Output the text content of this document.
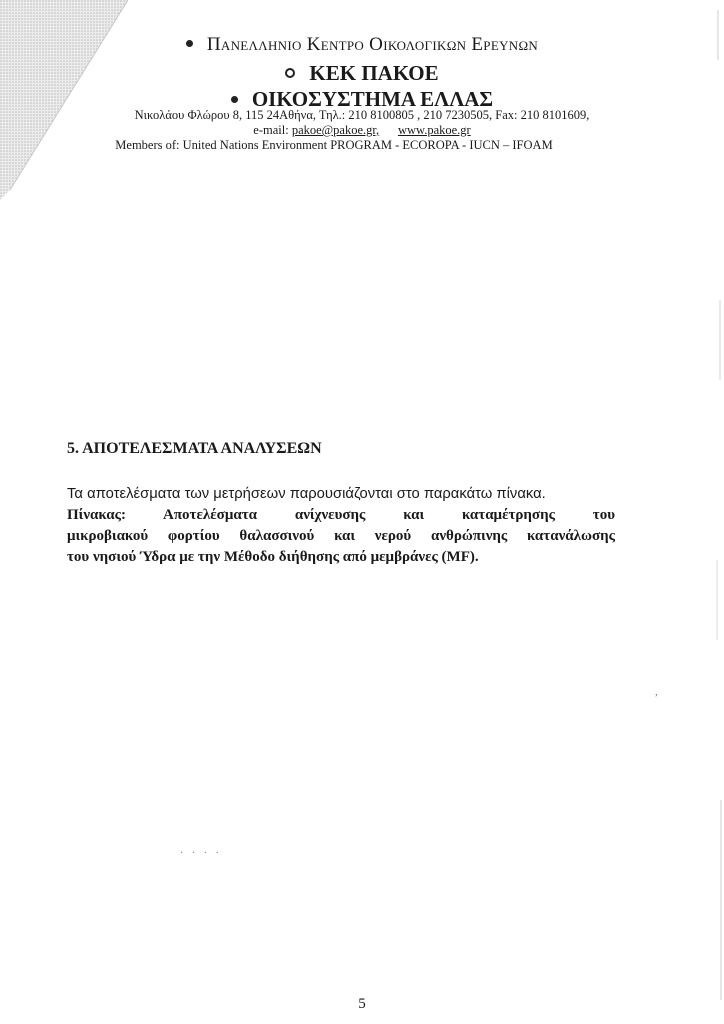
Πανελληνιο Κεντρο Οικολογικων Ερευνων
ΚΕΚ ΠΑΚΟΕ
ΟΙΚΟΣΥΣΤΗΜΑ ΕΛΛΑΣ
Νικολάου Φλώρου 8, 115 24Αθήνα, Τηλ.: 210 8100805 , 210 7230505, Fax: 210 8101609,
e-mail: pakoe@pakoe.gr, www.pakoe.gr
Members of: United Nations Environment PROGRAM - ECOROPA - IUCN – IFOAM
5. ΑΠΟΤΕΛΕΣΜΑΤΑ ΑΝΑΛΥΣΕΩΝ
Τα αποτελέσματα των μετρήσεων παρουσιάζονται στο παρακάτω πίνακα.
Πίνακας: Αποτελέσματα ανίχνευσης και καταμέτρησης του
μικροβιακού φορτίου θαλασσινού και νερού ανθρώπινης κατανάλωσης
του νησιού Ύδρα με την Μέθοδο διήθησης από μεμβράνες (MF).
· · · ·
,
5
